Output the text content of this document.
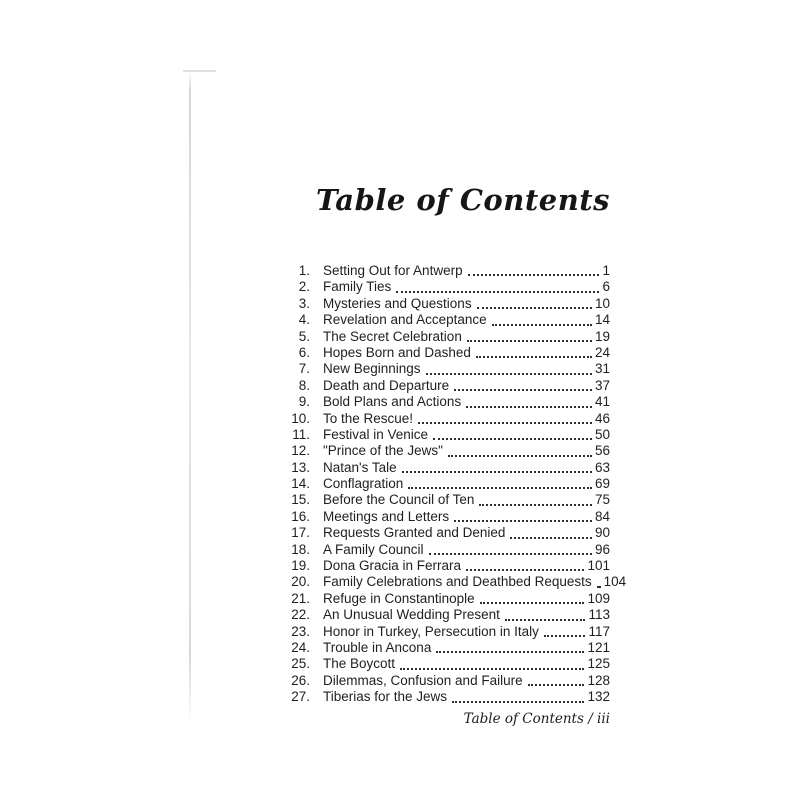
Table of Contents
1. Setting Out for Antwerp	1
2. Family Ties	6
3. Mysteries and Questions	10
4. Revelation and Acceptance	14
5. The Secret Celebration	19
6. Hopes Born and Dashed	24
7. New Beginnings	31
8. Death and Departure	37
9. Bold Plans and Actions	41
10. To the Rescue!	46
11. Festival in Venice	50
12. "Prince of the Jews"	56
13. Natan's Tale	63
14. Conflagration	69
15. Before the Council of Ten	75
16. Meetings and Letters	84
17. Requests Granted and Denied	90
18. A Family Council	96
19. Dona Gracia in Ferrara	101
20. Family Celebrations and Deathbed Requests 104
21. Refuge in Constantinople	109
22. An Unusual Wedding Present	113
23. Honor in Turkey, Persecution in Italy	117
24. Trouble in Ancona	121
25. The Boycott	125
26. Dilemmas, Confusion and Failure	128
27. Tiberias for the Jews	132
Table of Contents / iii
